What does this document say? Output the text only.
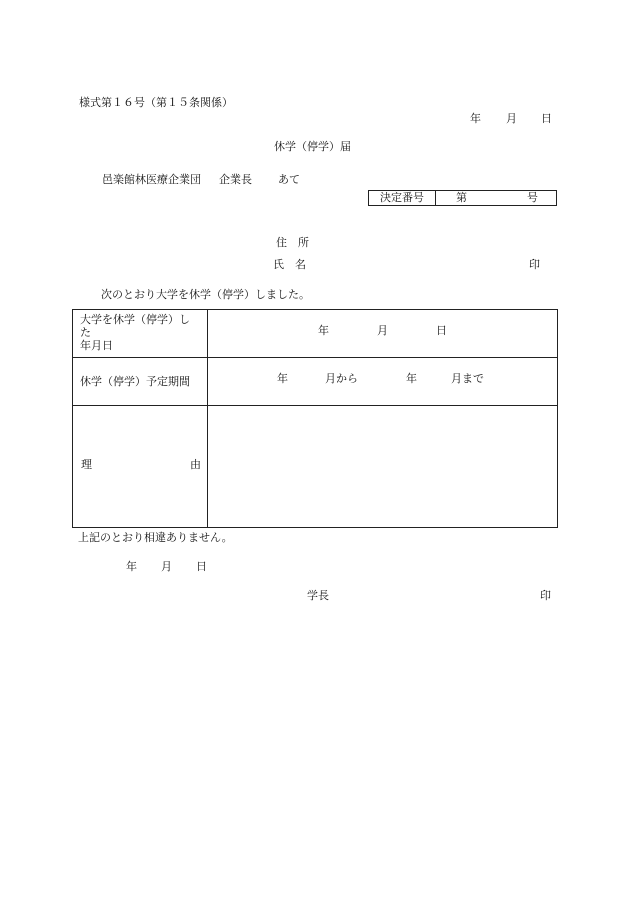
様式第１６号（第１５条関係）
年 月 日
休学（停学）届
邑楽館林医療企業団 企業長 あて
決定番号	第	号
住　所
氏　名	印
次のとおり大学を休学（停学）しました。
大学を休学（停学）し
た
年月日
年	月	日
休学（停学）予定期間	年	月から	年	月まで
理	由
上記のとおり相違ありません。
年 月 日
学長	印
